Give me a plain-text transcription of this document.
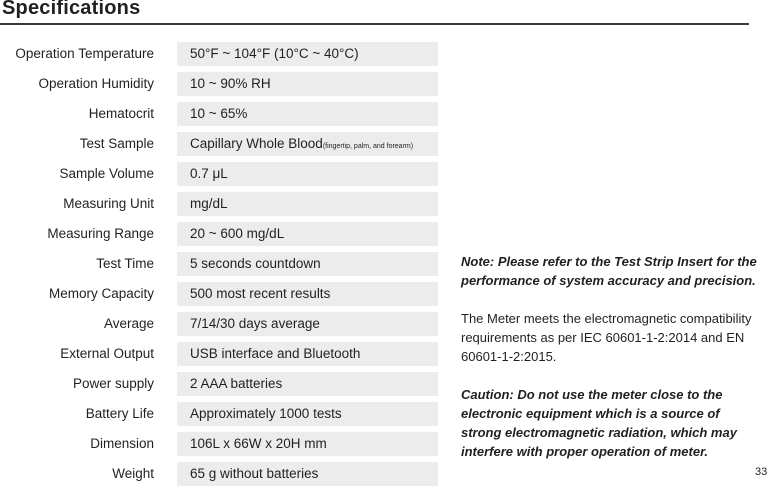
Specifications
Operation Temperature	50°F ~ 104°F (10°C ~ 40°C)
Operation Humidity	10 ~ 90% RH
Hematocrit	10 ~ 65%
Test Sample	Capillary Whole Blood(fingertip, palm, and forearm)
Sample Volume	0.7 μL
Measuring Unit	mg/dL
Measuring Range	20 ~ 600 mg/dL
Test Time	5 seconds countdown
Memory Capacity	500 most recent results
Average	7/14/30 days average
External Output	USB interface and Bluetooth
Power supply	2 AAA batteries
Battery Life	Approximately 1000 tests
Dimension	106L x 66W x 20H mm
Weight	65 g without batteries

Note: Please refer to the Test Strip Insert for the performance of system accuracy and precision.

The Meter meets the electromagnetic compatibility requirements as per IEC 60601-1-2:2014 and EN 60601-1-2:2015.

Caution: Do not use the meter close to the electronic equipment which is a source of strong electromagnetic radiation, which may interfere with proper operation of meter.

33
